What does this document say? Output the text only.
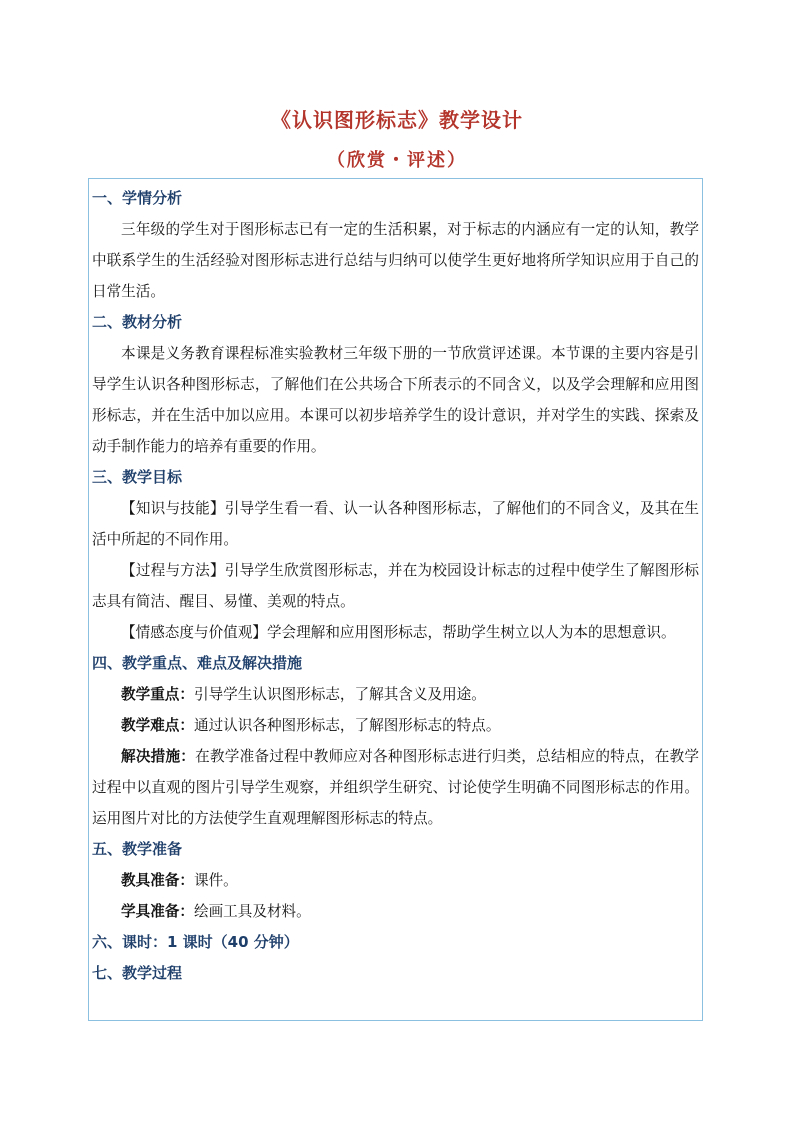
《认识图形标志》教学设计
（欣赏・评述）
一、学情分析

三年级的学生对于图形标志已有一定的生活积累，对于标志的内涵应有一定的认知，教学中联系学生的生活经验对图形标志进行总结与归纳可以使学生更好地将所学知识应用于自己的日常生活。

二、教材分析

本课是义务教育课程标准实验教材三年级下册的一节欣赏评述课。本节课的主要内容是引导学生认识各种图形标志，了解他们在公共场合下所表示的不同含义，以及学会理解和应用图形标志，并在生活中加以应用。本课可以初步培养学生的设计意识，并对学生的实践、探索及动手制作能力的培养有重要的作用。

三、教学目标

【知识与技能】引导学生看一看、认一认各种图形标志，了解他们的不同含义，及其在生活中所起的不同作用。

【过程与方法】引导学生欣赏图形标志，并在为校园设计标志的过程中使学生了解图形标志具有简洁、醒目、易懂、美观的特点。

【情感态度与价值观】学会理解和应用图形标志，帮助学生树立以人为本的思想意识。

四、教学重点、难点及解决措施

教学重点：引导学生认识图形标志，了解其含义及用途。

教学难点：通过认识各种图形标志，了解图形标志的特点。

解决措施：在教学准备过程中教师应对各种图形标志进行归类，总结相应的特点，在教学过程中以直观的图片引导学生观察，并组织学生研究、讨论使学生明确不同图形标志的作用。运用图片对比的方法使学生直观理解图形标志的特点。

五、教学准备

教具准备：课件。

学具准备：绘画工具及材料。

六、课时：1 课时（40 分钟）
七、教学过程
